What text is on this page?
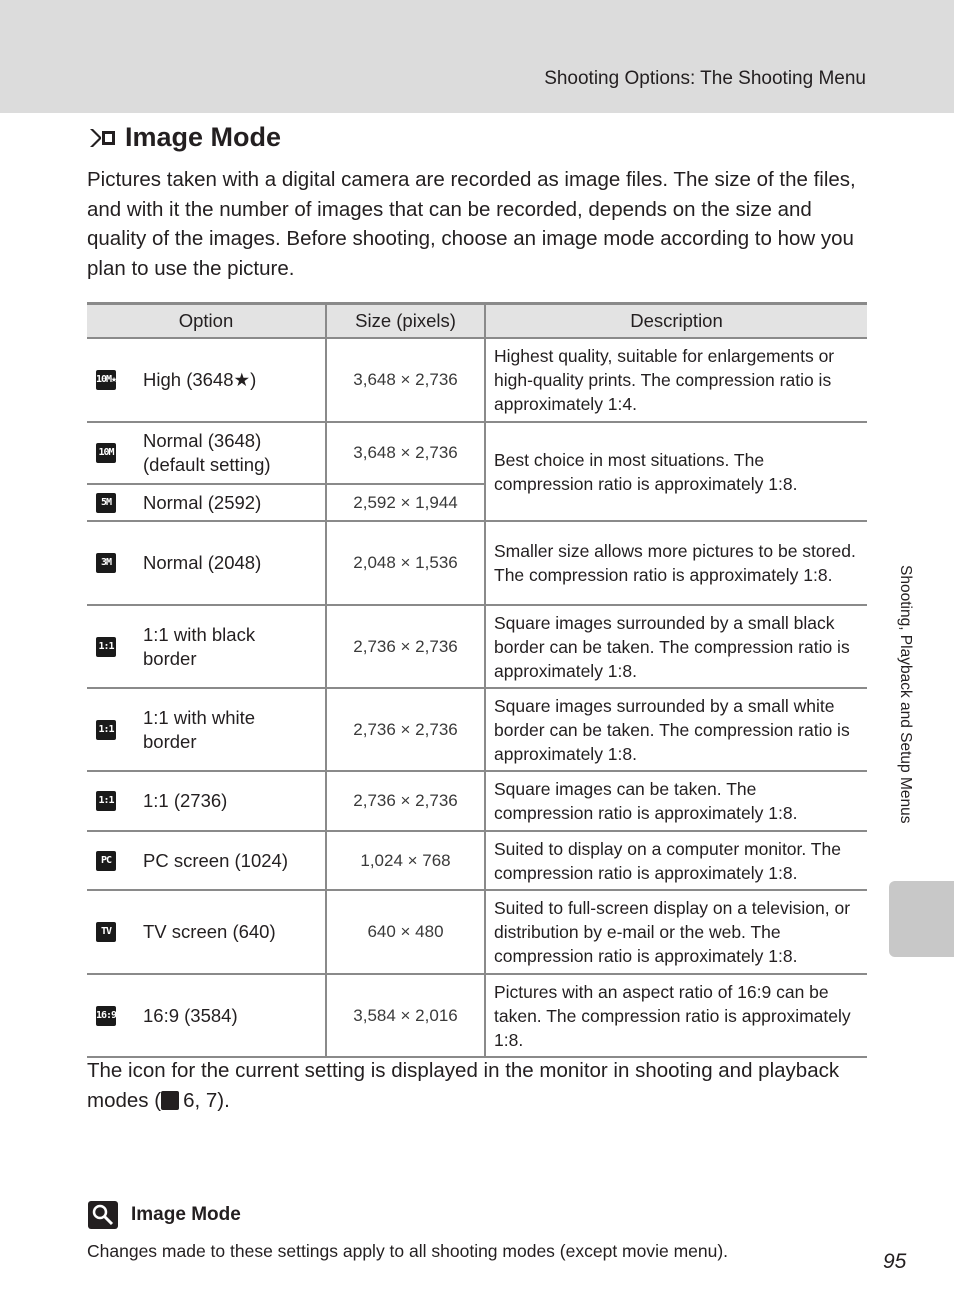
Shooting Options: The Shooting Menu
Image Mode
Pictures taken with a digital camera are recorded as image files. The size of the files, and with it the number of images that can be recorded, depends on the size and quality of the images. Before shooting, choose an image mode according to how you plan to use the picture.
Option	Size (pixels)	Description

10M★ High (3648★)	3,648 × 2,736	Highest quality, suitable for enlargements or high-quality prints. The compression ratio is approximately 1:4.

10M
Normal (3648) (default setting)	3,648 × 2,736	Best choice in most situations. The compression ratio is approximately 1:8.

5M Normal (2592)	2,592 × 1,944	

3M Normal (2048)	2,048 × 1,536	Smaller size allows more pictures to be stored. The compression ratio is approximately 1:8.

1:1
1:1 with black border	2,736 × 2,736	Square images surrounded by a small black border can be taken. The compression ratio is approximately 1:8.

1:1
1:1 with white border	2,736 × 2,736	Square images surrounded by a small white border can be taken. The compression ratio is approximately 1:8.

1:1 1:1 (2736)	2,736 × 2,736	Square images can be taken. The compression ratio is approximately 1:8.

PC PC screen (1024)	1,024 × 768	Suited to display on a computer monitor. The compression ratio is approximately 1:8.

TV TV screen (640)	640 × 480	Suited to full-screen display on a television, or distribution by e-mail or the web. The compression ratio is approximately 1:8.

16:9 16:9 (3584)	3,584 × 2,016	Pictures with an aspect ratio of 16:9 can be taken. The compression ratio is approximately 1:8.
The icon for the current setting is displayed in the monitor in shooting and playback modes ( 6, 7).
Image Mode
Changes made to these settings apply to all shooting modes (except movie menu).
Shooting, Playback and Setup Menus
95
